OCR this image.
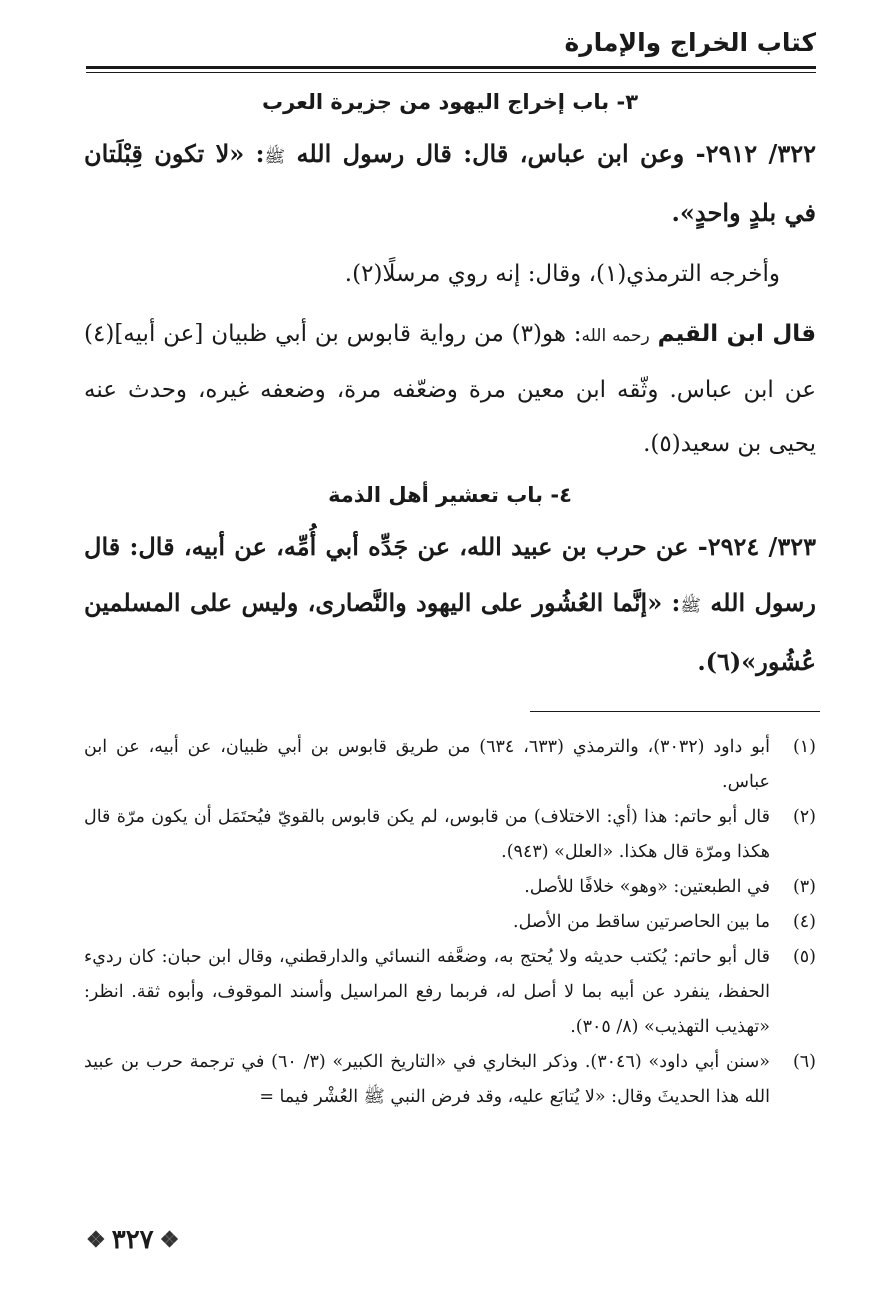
كتاب الخراج والإمارة
٣- باب إخراج اليهود من جزيرة العرب

٣٢٢/ ٢٩١٢- وعن ابن عباس، قال: قال رسول الله ﷺ: «لا تكون قِبْلَتان في بلدٍ واحدٍ».

وأخرجه الترمذي(١)، وقال: إنه روي مرسلًا(٢).

قال ابن القيم رحمه الله: هو(٣) من رواية قابوس بن أبي ظبيان [عن أبيه](٤) عن ابن عباس. وثّقه ابن معين مرة وضعّفه مرة، وضعفه غيره، وحدث عنه يحيى بن سعيد(٥).

٤- باب تعشير أهل الذمة

٣٢٣/ ٢٩٢٤- عن حرب بن عبيد الله، عن جَدِّه أبي أُمِّه، عن أبيه، قال: قال رسول الله ﷺ: «إنَّما العُشُور على اليهود والنَّصارى، وليس على المسلمين عُشُور»(٦).

(١)
أبو داود (٣٠٣٢)، والترمذي (٦٣٣، ٦٣٤) من طريق قابوس بن أبي ظبيان، عن أبيه، عن ابن عباس.
(٢)
قال أبو حاتم: هذا (أي: الاختلاف) من قابوس، لم يكن قابوس بالقويّ فيُحتَمَل أن يكون مرّة قال هكذا ومرّة قال هكذا. «العلل» (٩٤٣).
(٣)
في الطبعتين: «وهو» خلافًا للأصل.
(٤)
ما بين الحاصرتين ساقط من الأصل.
(٥)
قال أبو حاتم: يُكتب حديثه ولا يُحتج به، وضعَّفه النسائي والدارقطني، وقال ابن حبان: كان رديء الحفظ، ينفرد عن أبيه بما لا أصل له، فربما رفع المراسيل وأسند الموقوف، وأبوه ثقة. انظر: «تهذيب التهذيب» (٨/ ٣٠٥).
(٦)
«سنن أبي داود» (٣٠٤٦). وذكر البخاري في «التاريخ الكبير» (٣/ ٦٠) في ترجمة حرب بن عبيد الله هذا الحديثَ وقال: «لا يُتابَع عليه، وقد فرض النبي ﷺ العُشْر فيما =
❖ ٣٢٧ ❖
